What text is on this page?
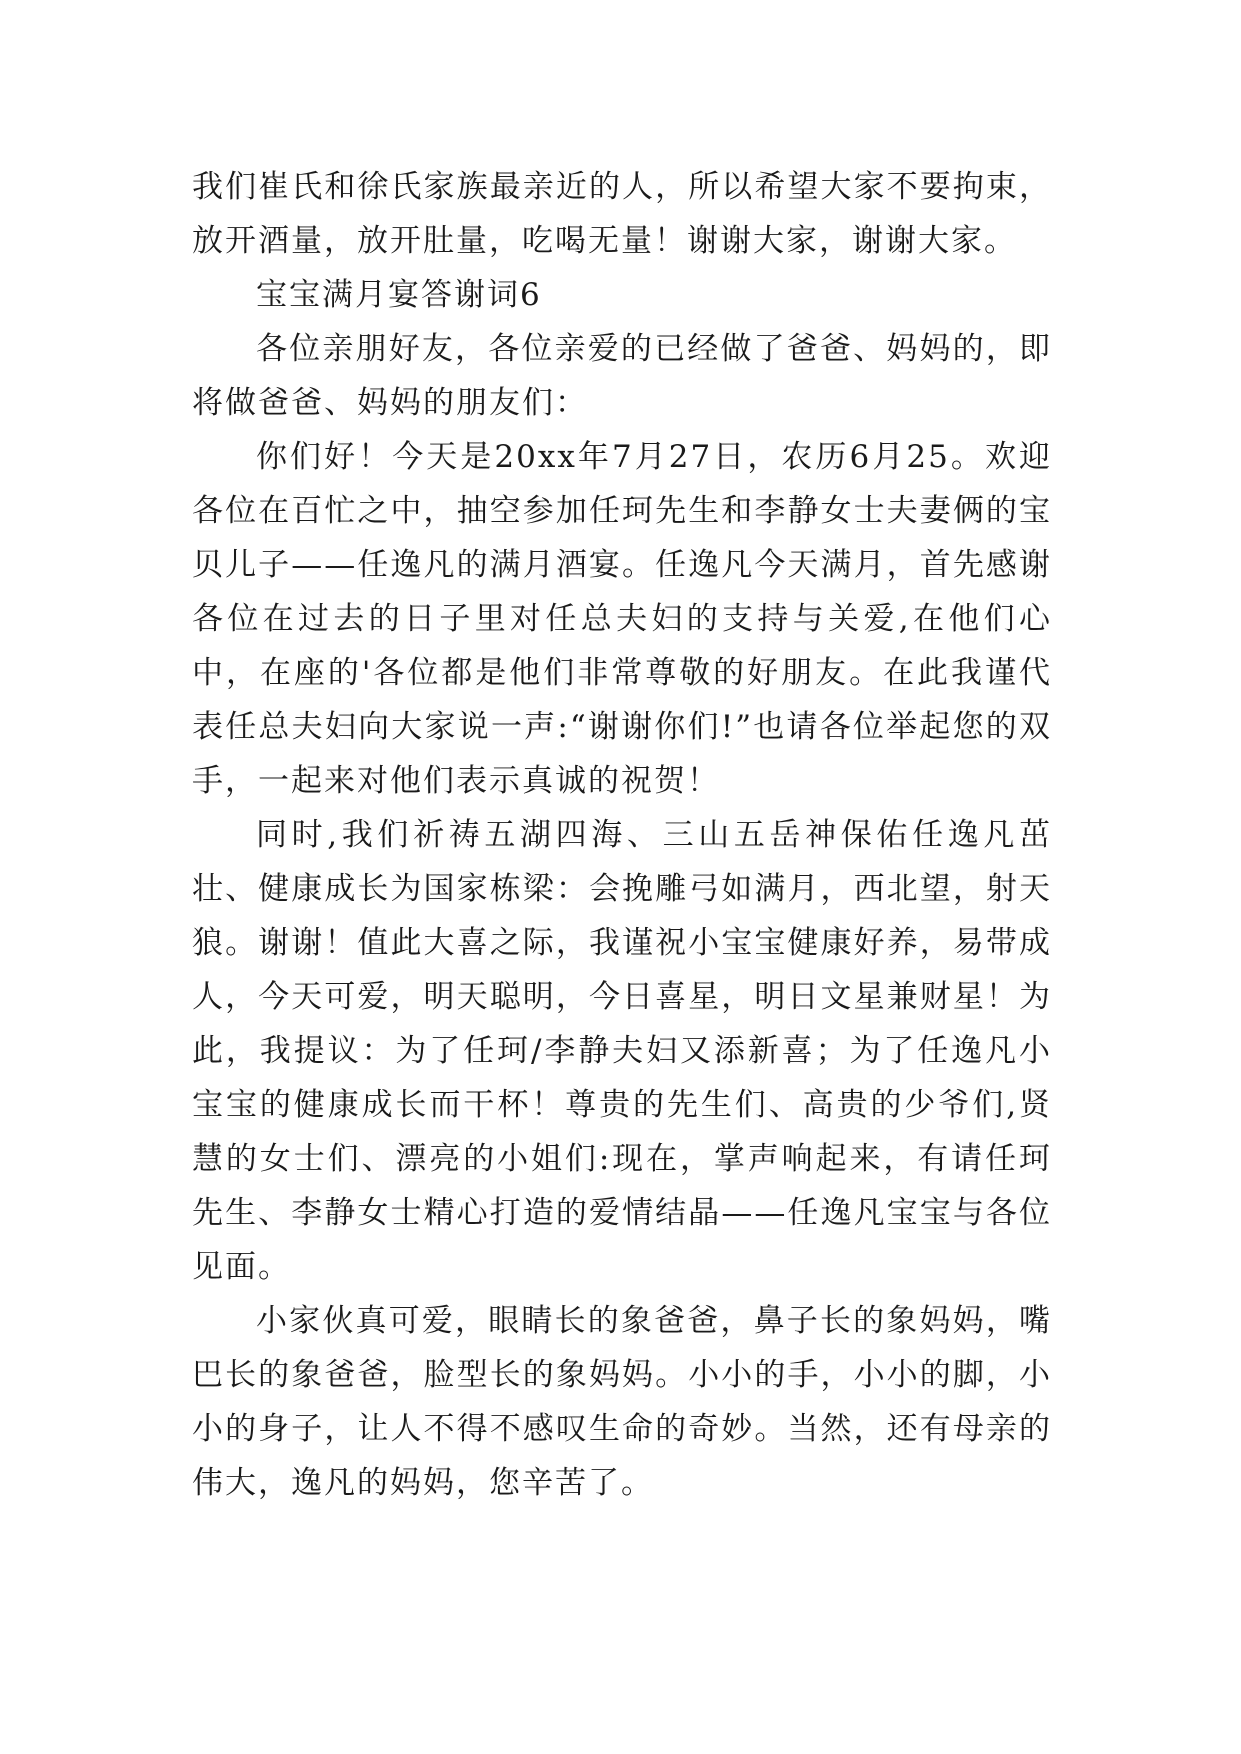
我们崔氏和徐氏家族最亲近的人，所以希望大家不要拘束，放开酒量，放开肚量，吃喝无量！谢谢大家，谢谢大家。

宝宝满月宴答谢词6

各位亲朋好友，各位亲爱的已经做了爸爸、妈妈的，即将做爸爸、妈妈的朋友们：

你们好！今天是20xx年7月27日，农历6月25。欢迎各位在百忙之中，抽空参加任珂先生和李静女士夫妻俩的宝贝儿子——任逸凡的满月酒宴。任逸凡今天满月，首先感谢各位在过去的日子里对任总夫妇的支持与关爱,在他们心中，在座的'各位都是他们非常尊敬的好朋友。在此我谨代表任总夫妇向大家说一声:“谢谢你们!”也请各位举起您的双手，一起来对他们表示真诚的祝贺！

同时,我们祈祷五湖四海、三山五岳神保佑任逸凡茁壮、健康成长为国家栋梁：会挽雕弓如满月，西北望，射天狼。谢谢！值此大喜之际，我谨祝小宝宝健康好养，易带成人，今天可爱，明天聪明，今日喜星，明日文星兼财星！为此，我提议：为了任珂/李静夫妇又添新喜；为了任逸凡小宝宝的健康成长而干杯！尊贵的先生们、高贵的少爷们,贤慧的女士们、漂亮的小姐们:现在，掌声响起来，有请任珂先生、李静女士精心打造的爱情结晶——任逸凡宝宝与各位见面。

小家伙真可爱，眼睛长的象爸爸，鼻子长的象妈妈，嘴巴长的象爸爸，脸型长的象妈妈。小小的手，小小的脚，小小的身子，让人不得不感叹生命的奇妙。当然，还有母亲的伟大，逸凡的妈妈，您辛苦了。
